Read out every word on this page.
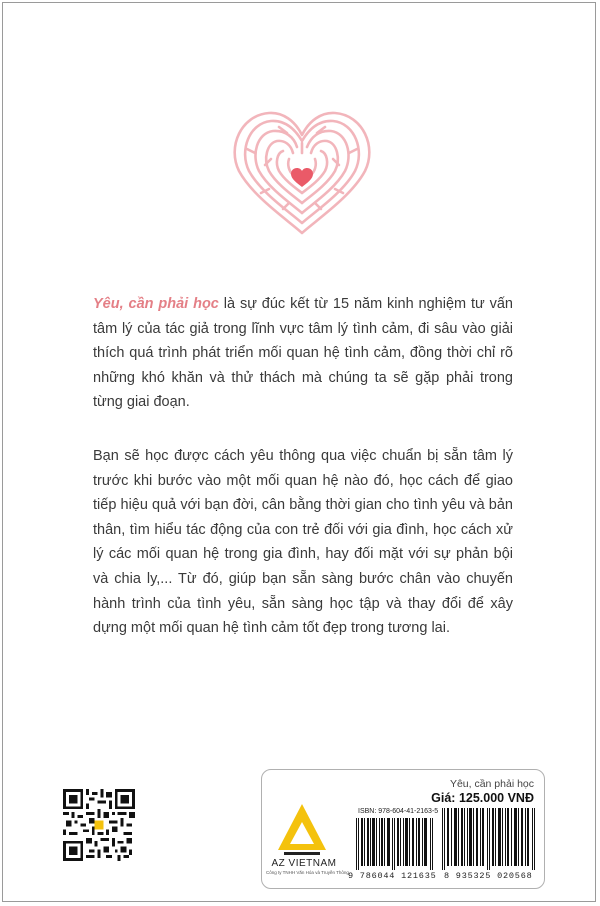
Yêu, cần phải học là sự đúc kết từ 15 năm kinh nghiệm tư vấn tâm lý của tác giả trong lĩnh vực tâm lý tình cảm, đi sâu vào giải thích quá trình phát triển mối quan hệ tình cảm, đồng thời chỉ rõ những khó khăn và thử thách mà chúng ta sẽ gặp phải trong từng giai đoạn.
Bạn sẽ học được cách yêu thông qua việc chuẩn bị sẵn tâm lý trước khi bước vào một mối quan hệ nào đó, học cách để giao tiếp hiệu quả với bạn đời, cân bằng thời gian cho tình yêu và bản thân, tìm hiểu tác động của con trẻ đối với gia đình, học cách xử lý các mối quan hệ trong gia đình, hay đối mặt với sự phản bội và chia ly,... Từ đó, giúp bạn sẵn sàng bước chân vào chuyến hành trình của tình yêu, sẵn sàng học tập và thay đổi để xây dựng một mối quan hệ tình cảm tốt đẹp trong tương lai.
Yêu, cần phải học
Giá: 125.000 VNĐ
AZ VIETNAM
Công ty TNHH Văn Hóa và Truyền Thông
ISBN: 978-604-41-2163-5
9 786044 121635 8 935325 020568
